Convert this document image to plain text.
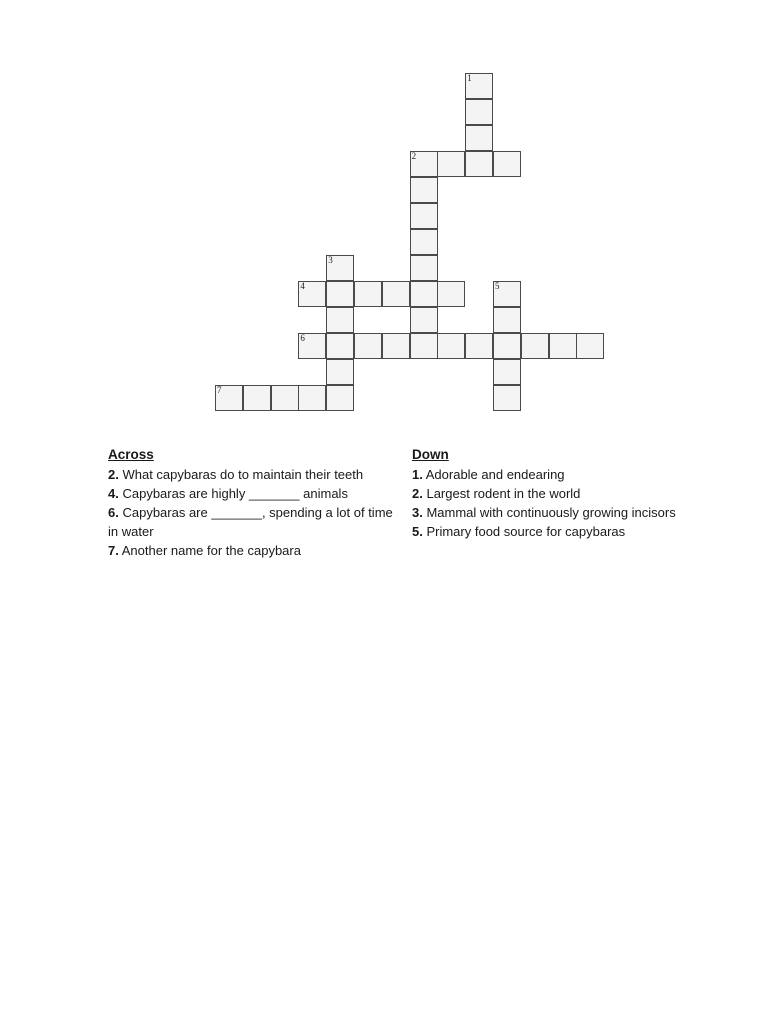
1
2
3
4	5
6
7
Across

2. What capybaras do to maintain their teeth

4. Capybaras are highly _______ animals

6. Capybaras are _______, spending a lot of time in water

7. Another name for the capybara

Down

1. Adorable and endearing

2. Largest rodent in the world

3. Mammal with continuously growing incisors

5. Primary food source for capybaras
